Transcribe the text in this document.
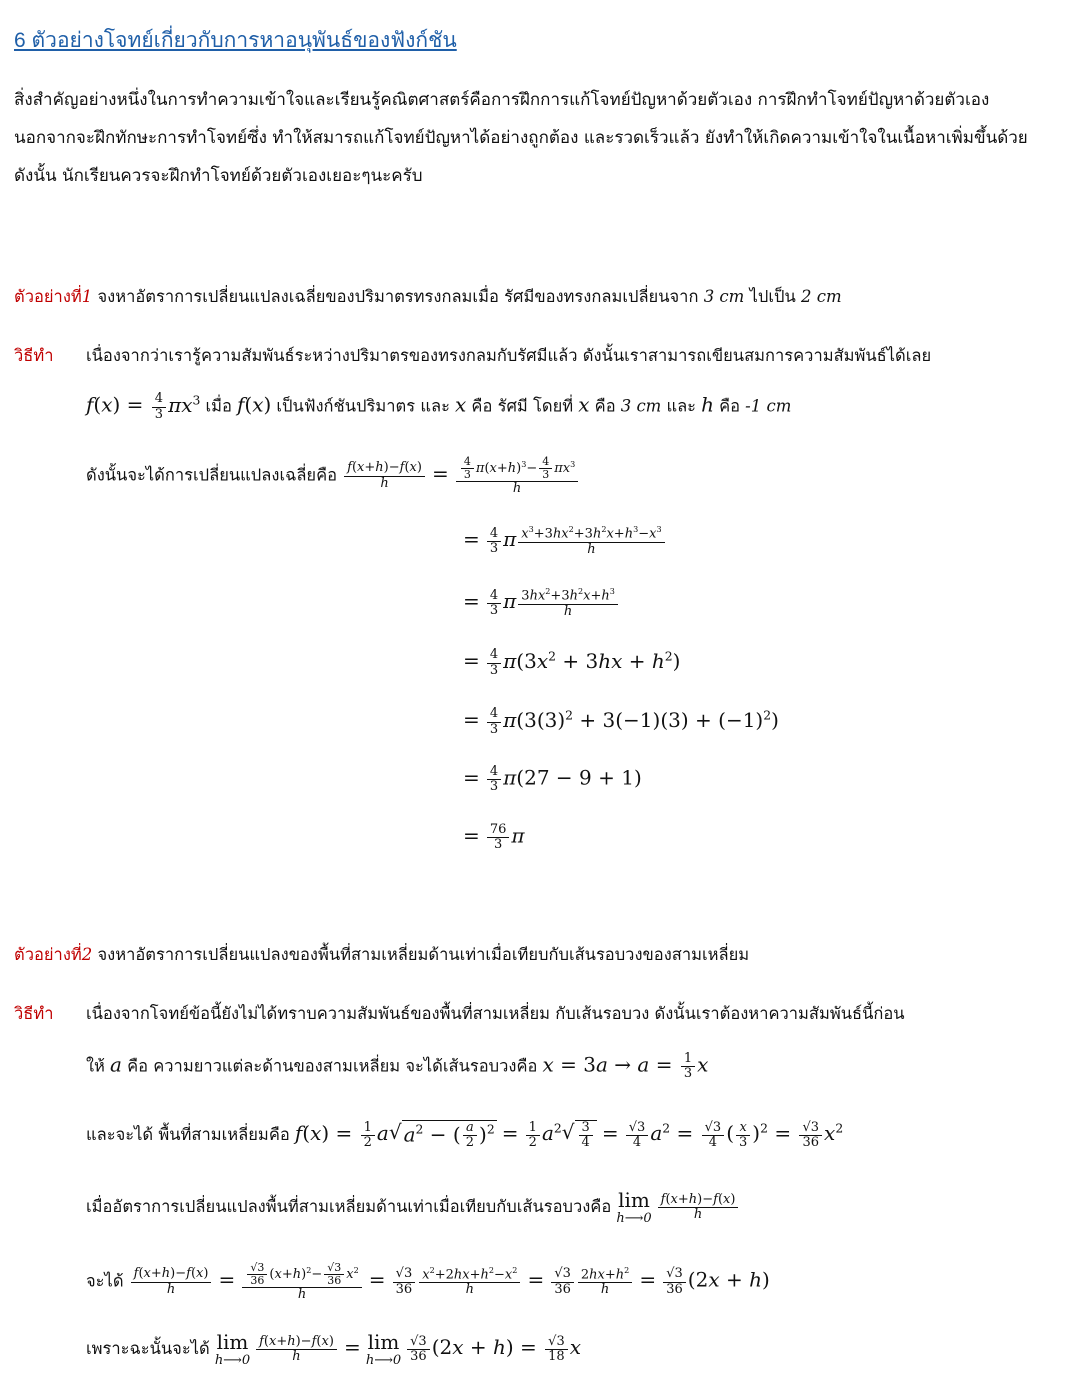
6 ตัวอย่างโจทย์เกี่ยวกับการหาอนุพันธ์ของฟังก์ชัน
สิ่งสำคัญอย่างหนึ่งในการทำความเข้าใจและเรียนรู้คณิตศาสตร์คือการฝึกการแก้โจทย์ปัญหาด้วยตัวเอง การฝึกทำโจทย์ปัญหาด้วยตัวเอง
นอกจากจะฝึกทักษะการทำโจทย์ซึ่ง ทำให้สมารถแก้โจทย์ปัญหาได้อย่างถูกต้อง และรวดเร็วแล้ว ยังทำให้เกิดความเข้าใจในเนื้อหาเพิ่มขึ้นด้วย
ดังนั้น นักเรียนควรจะฝึกทำโจทย์ด้วยตัวเองเยอะๆนะครับ
ตัวอย่างที่1 จงหาอัตราการเปลี่ยนแปลงเฉลี่ยของปริมาตรทรงกลมเมื่อ รัศมีของทรงกลมเปลี่ยนจาก 3 cm ไปเป็น 2 cm
วิธีทำ เนื่องจากว่าเรารู้ความสัมพันธ์ระหว่างปริมาตรของทรงกลมกับรัศมีแล้ว ดังนั้นเราสามารถเขียนสมการความสัมพันธ์ได้เลย
$f(x) = \frac{4}{3} \pi x^3$ เมื่อ f(x) เป็นฟังก์ชันปริมาตร และ x คือ รัศมี โดยที่ x คือ 3 cm และ h คือ -1 cm
ดังนั้นจะได้การเปลี่ยนแปลงเฉลี่ยคือ $\frac{f(x+h)-f(x)}{h} = \frac{\frac{4}{3} \pi(x+h)^3- \frac{4}{3} \pi x^3}{h}$
= $\frac{4}{3}$ π $\frac{x^3+3hx^2+3h^2x+h^3-x^3}{h}$
= $\frac{4}{3}$ π $\frac{3hx^2+3h^2x+h^3}{h}$
= $\frac{4}{3} \pi(3x^2 + 3hx + h^2)$
= $\frac{4}{3} \pi(3(3)^2 + 3(-1)(3) + (-1)^2)$
= $\frac{4}{3} \pi(27 - 9 + 1)$
= $\frac{76}{3}$ π
ตัวอย่างที่2 จงหาอัตราการเปลี่ยนแปลงของพื้นที่สามเหลี่ยมด้านเท่าเมื่อเทียบกับเส้นรอบวงของสามเหลี่ยม
วิธีทำ เนื่องจากโจทย์ข้อนี้ยังไม่ได้ทราบความสัมพันธ์ของพื้นที่สามเหลี่ยม กับเส้นรอบวง ดังนั้นเราต้องหาความสัมพันธ์นี้ก่อน
ให้ a คือ ความยาวแต่ละด้านของสามเหลี่ยม จะได้เส้นรอบวงคือ $x = 3a \to a = \frac{1}{3}$ x
และจะได้ พื้นที่สามเหลี่ยมคือ $f(x) = \frac{1}{2}$ a √ $a^2$ − ( $\frac{a}{2} )^2 = \frac{1}{2} a^2$ √ $\frac{3}{4} = \frac{√3}{4} a^2 = \frac{√3}{4}$ ( $\frac{x}{3} )^2 = \frac{√3}{36} x^2$
เมื่ออัตราการเปลี่ยนแปลงพื้นที่สามเหลี่ยมด้านเท่าเมื่อเทียบกับเส้นรอบวงคือ lim
h⟶0 $\frac{f(x+h)-f(x)}{h}$
จะได้ $\frac{f(x+h)-f(x)}{h} = \frac{\frac{√3}{36} (x+h)^2- \frac{√3}{36} x^2}{h} = \frac{√3}{36} \frac{x^2+2hx+h^2-x^2}{h} = \frac{√3}{36} \frac{2hx+h^2}{h} = \frac{√3}{36} (2x + h)$
เพราะฉะนั้นจะได้ lim
h⟶0 $\frac{f(x+h)-f(x)}{h} = \lim$
h⟶0 $\frac{√3}{36} (2x + h) = \frac{√3}{18}$ x
